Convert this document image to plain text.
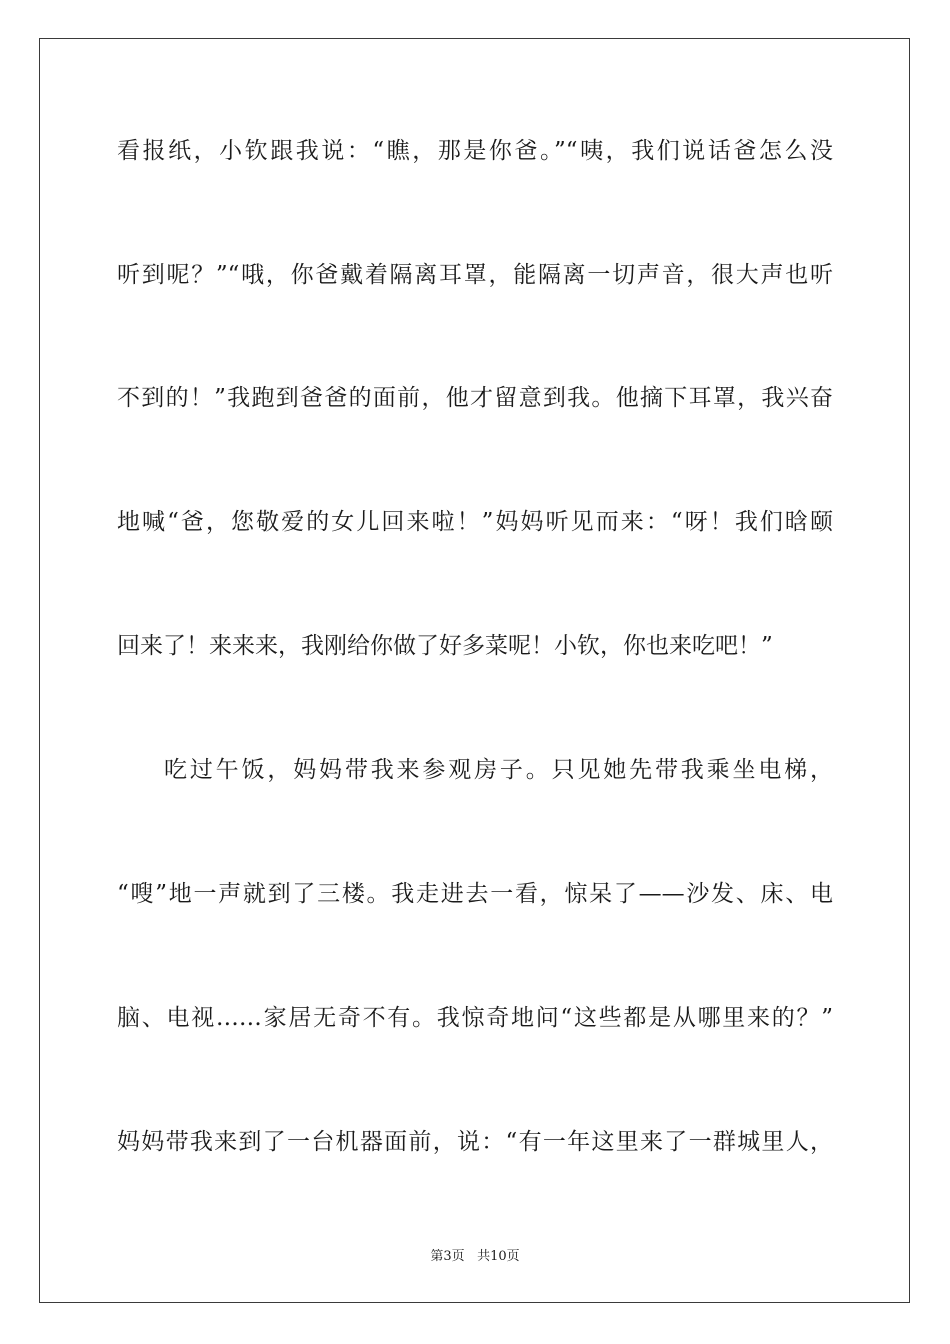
看报纸，小钦跟我说：“瞧，那是你爸。”“咦，我们说话爸怎么没
听到呢？”“哦，你爸戴着隔离耳罩，能隔离一切声音，很大声也听
不到的！”我跑到爸爸的面前，他才留意到我。他摘下耳罩，我兴奋
地喊“爸，您敬爱的女儿回来啦！”妈妈听见而来：“呀！我们晗颐
回来了！来来来，我刚给你做了好多菜呢！小钦，你也来吃吧！”
吃过午饭，妈妈带我来参观房子。只见她先带我乘坐电梯，
“嗖”地一声就到了三楼。我走进去一看，惊呆了——沙发、床、电
脑、电视……家居无奇不有。我惊奇地问“这些都是从哪里来的？”
妈妈带我来到了一台机器面前，说：“有一年这里来了一群城里人，
第3页 共10页
